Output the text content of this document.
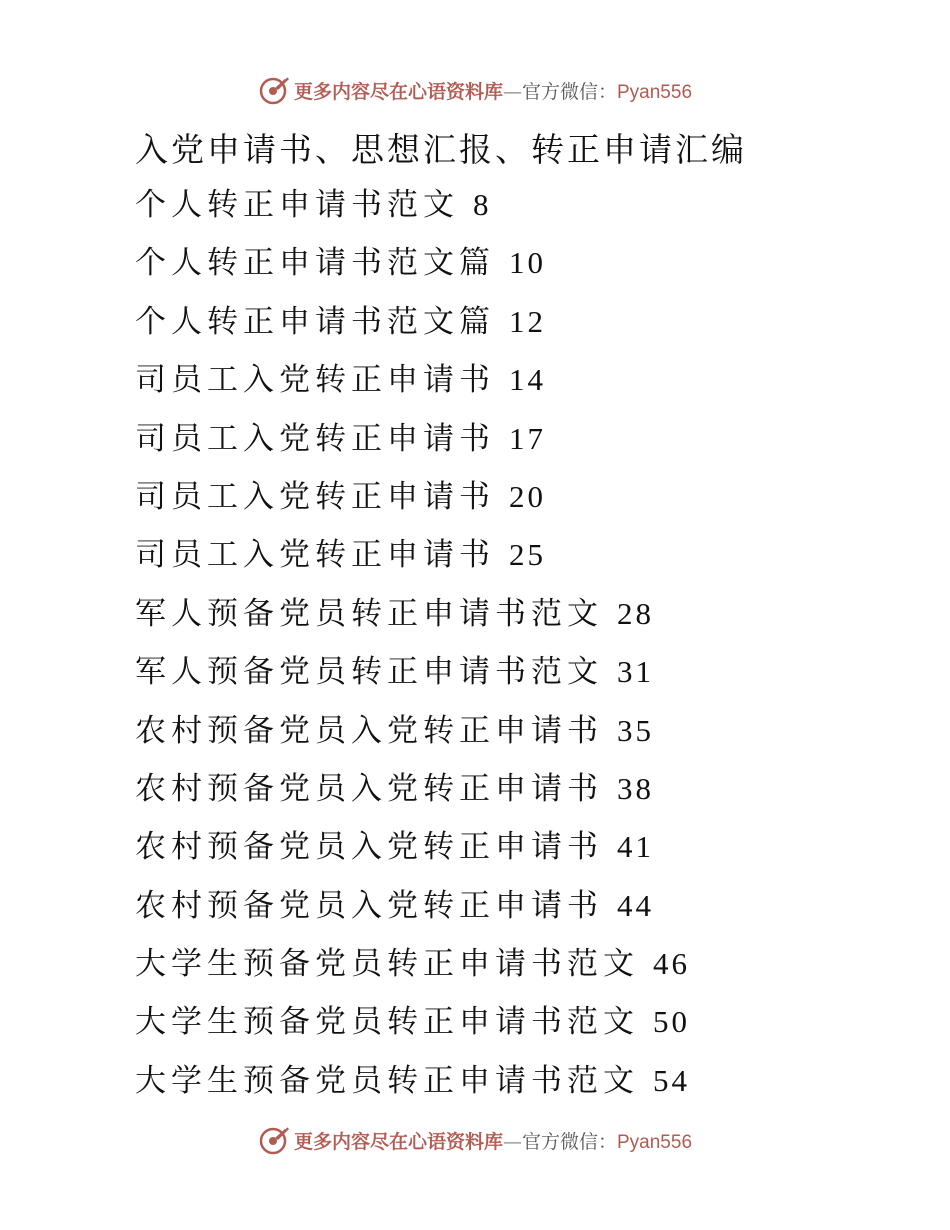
更多内容尽在心语资料库—官方微信：Pyan556
入党申请书、思想汇报、转正申请汇编
个人转正申请书范文 8
个人转正申请书范文篇 10
个人转正申请书范文篇 12
司员工入党转正申请书 14
司员工入党转正申请书 17
司员工入党转正申请书 20
司员工入党转正申请书 25
军人预备党员转正申请书范文 28
军人预备党员转正申请书范文 31
农村预备党员入党转正申请书 35
农村预备党员入党转正申请书 38
农村预备党员入党转正申请书 41
农村预备党员入党转正申请书 44
大学生预备党员转正申请书范文 46
大学生预备党员转正申请书范文 50
大学生预备党员转正申请书范文 54
更多内容尽在心语资料库—官方微信：Pyan556
